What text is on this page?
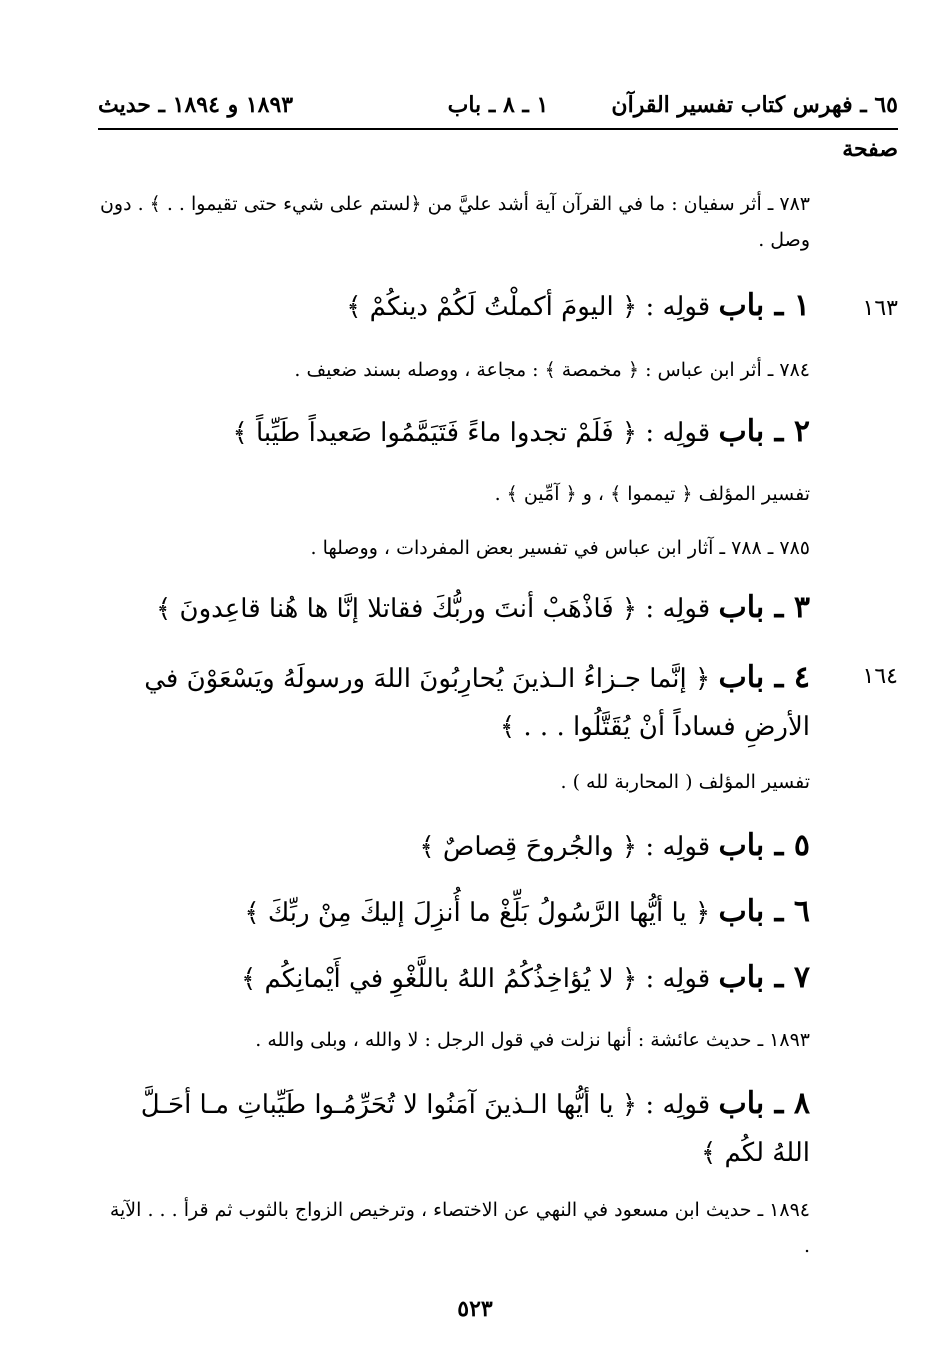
٦٥ ـ فهرس كتاب تفسير القرآن
١ ـ ٨ ـ باب
١٨٩٣ و ١٨٩٤ ـ حديث
صفحة
٧٨٣ ـ أثر سفيان : ما في القرآن آية أشد عليَّ من ﴿لستم على شيء حتى تقيموا . . ﴾ . دون وصل .
١٦٣
١ ـ باب قولِه : ﴿ اليومَ أكملْتُ لَكُمْ دينكُمْ ﴾
٧٨٤ ـ أثر ابن عباس : ﴿ مخمصة ﴾ : مجاعة ، ووصله بسند ضعيف .
٢ ـ باب قولِه : ﴿ فَلَمْ تجدوا ماءً فَتَيَمَّمُوا صَعيداً طَيِّباً ﴾
تفسير المؤلف ﴿ تيمموا ﴾ ، و ﴿ آمِّين ﴾ .
٧٨٥ ـ ٧٨٨ ـ آثار ابن عباس في تفسير بعض المفردات ، ووصلها .
٣ ـ باب قولِه : ﴿ فَاذْهَبْ أنتَ وربُّكَ فقاتلا إنَّا ها هُنا قاعِدونَ ﴾
١٦٤
٤ ـ باب ﴿ إنَّما جـزاءُ الـذينَ يُحارِبُونَ اللهَ ورسولَهُ ويَسْعَوْنَ في الأرضِ فساداً أنْ يُقَتَّلُوا . . . ﴾
تفسير المؤلف ( المحاربة لله ) .
٥ ـ باب قولِه : ﴿ والجُروحَ قِصاصٌ ﴾
٦ ـ باب ﴿ يا أيُّها الرَّسُولُ بَلِّغْ ما أُنزِلَ إليكَ مِنْ ربِّكَ ﴾
٧ ـ باب قولِه : ﴿ لا يُؤاخِذُكُمُ اللهُ باللَّغْوِ في أَيْمانِكُم ﴾
١٨٩٣ ـ حديث عائشة : أنها نزلت في قول الرجل : لا والله ، وبلى والله .
٨ ـ باب قولِه : ﴿ يا أيُّها الـذينَ آمَنُوا لا تُحَرِّمُـوا طَيِّباتِ مـا أحَـلَّ اللهُ لكُم ﴾
١٨٩٤ ـ حديث ابن مسعود في النهي عن الاختصاء ، وترخيص الزواج بالثوب ثم قرأ . . . الآية .
٥٢٣
